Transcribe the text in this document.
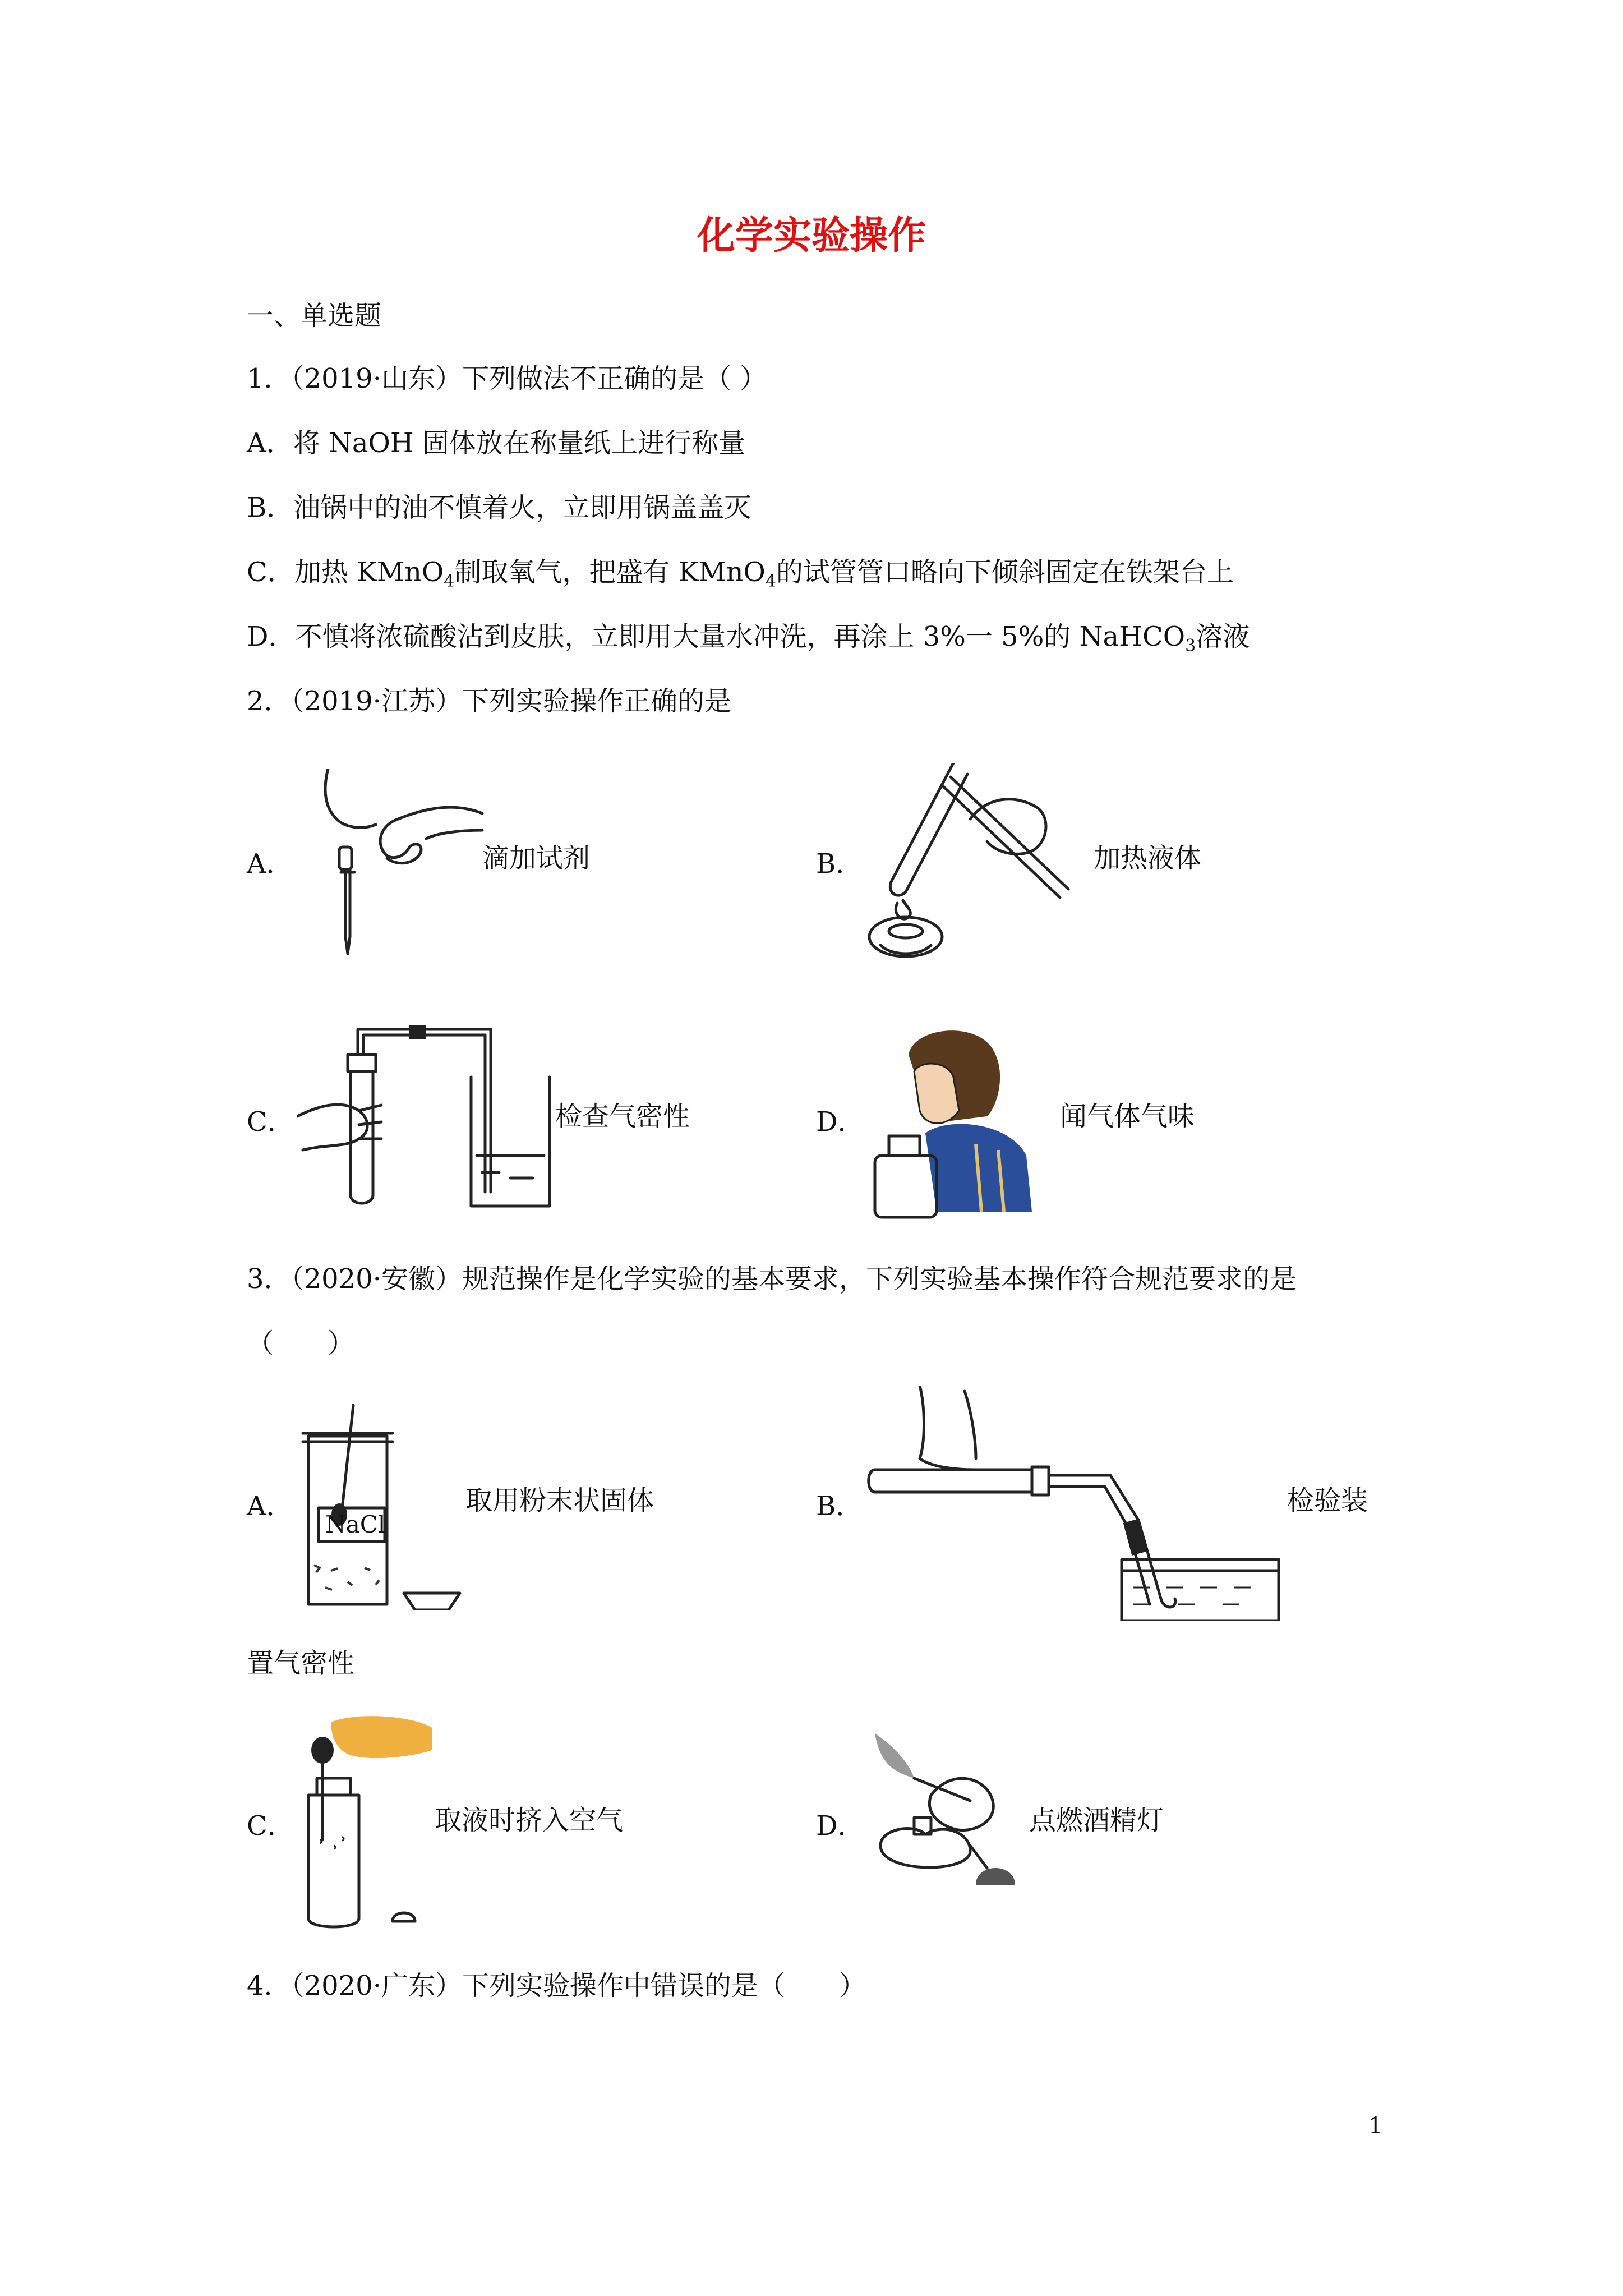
化学实验操作
一、单选题
1．（2019·山东）下列做法不正确的是（ ）
A．将 NaOH 固体放在称量纸上进行称量
B．油锅中的油不慎着火，立即用锅盖盖灭
C．加热 KMnO$_4$制取氧气，把盛有 KMnO$_4$的试管管口略向下倾斜固定在铁架台上
D．不慎将浓硫酸沾到皮肤，立即用大量水冲洗，再涂上 3%一 5%的 NaHCO$_3$溶液
2．（2019·江苏）下列实验操作正确的是
A．	滴加试剂	B．	加热液体
C．	检查气密性	D．	闻气体气味
3．（2020·安徽）规范操作是化学实验的基本要求，下列实验基本操作符合规范要求的是
（　　）
A．
NaCl
取用粉末状固体	B．	检验装
置气密性
C．	取液时挤入空气	D．	点燃酒精灯
4．（2020·广东）下列实验操作中错误的是（　　）
1
